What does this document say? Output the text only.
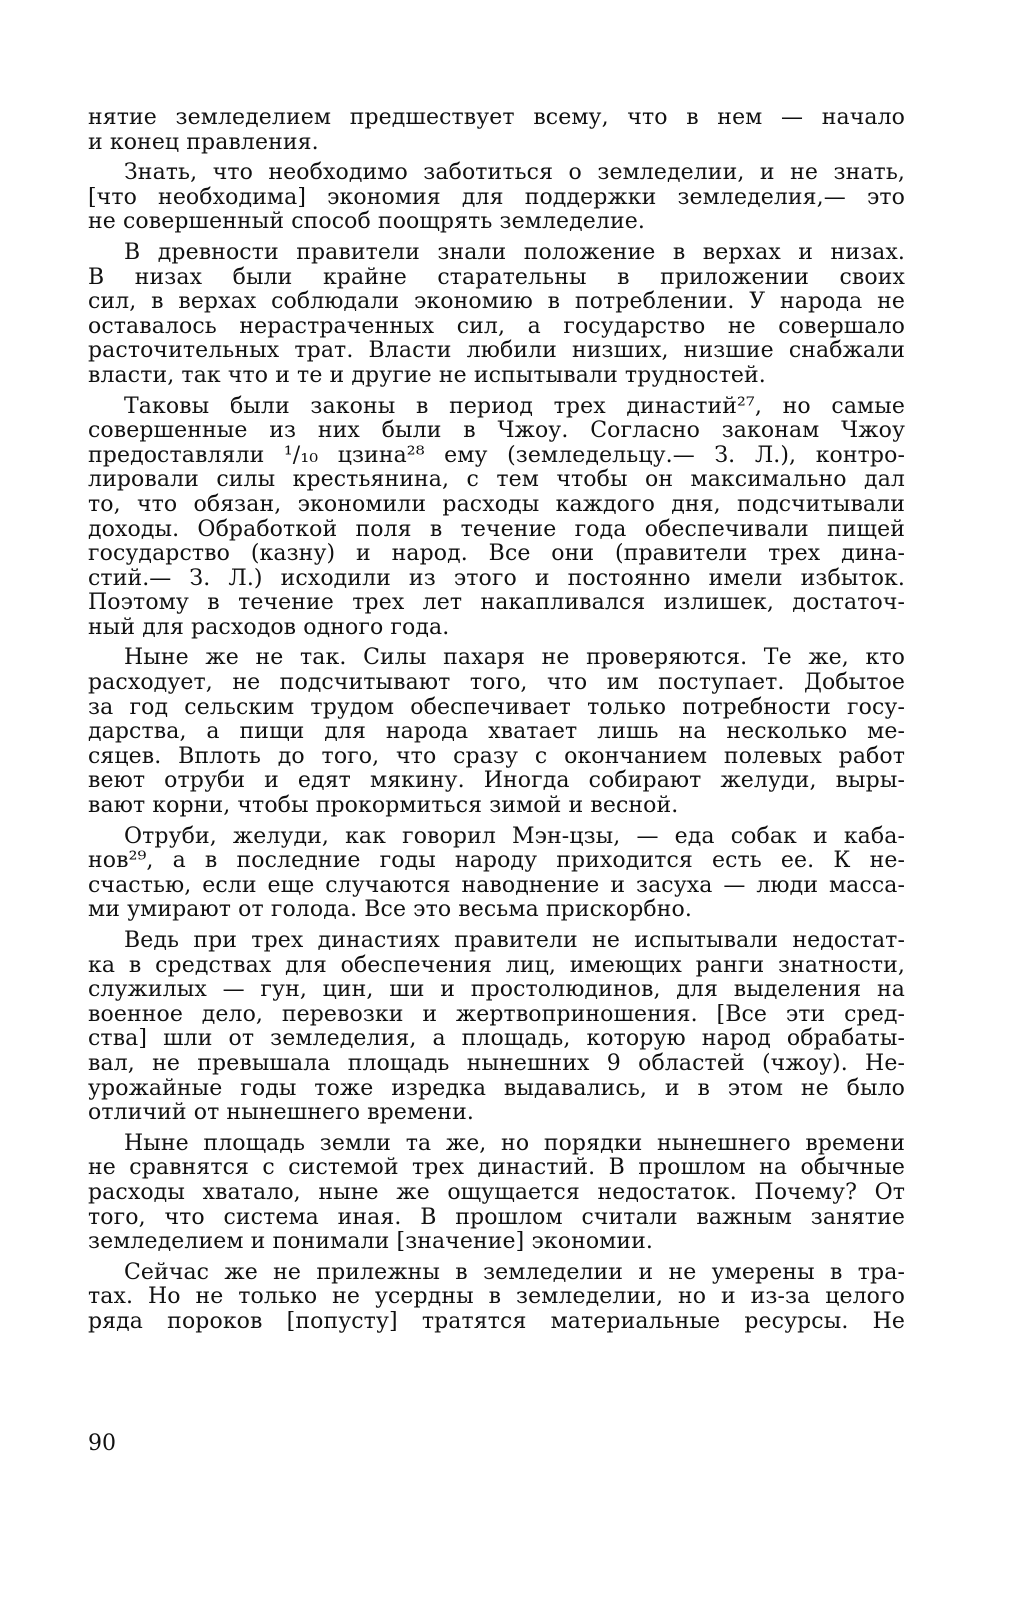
нятие земледелием предшествует всему, что в нем — начало
и конец правления.
Знать, что необходимо заботиться о земледелии, и не знать,
[что необходима] экономия для поддержки земледелия,— это
не совершенный способ поощрять земледелие.
В древности правители знали положение в верхах и низах.
В низах были крайне старательны в приложении своих
сил, в верхах соблюдали экономию в потреблении. У народа не
оставалось нерастраченных сил, а государство не совершало
расточительных трат. Власти любили низших, низшие снабжали
власти, так что и те и другие не испытывали трудностей.
Таковы были законы в период трех династий²⁷, но самые
совершенные из них были в Чжоу. Согласно законам Чжоу
предоставляли ¹/₁₀ цзина²⁸ ему (земледельцу.— З. Л.), контро-
лировали силы крестьянина, с тем чтобы он максимально дал
то, что обязан, экономили расходы каждого дня, подсчитывали
доходы. Обработкой поля в течение года обеспечивали пищей
государство (казну) и народ. Все они (правители трех дина-
стий.— З. Л.) исходили из этого и постоянно имели избыток.
Поэтому в течение трех лет накапливался излишек, достаточ-
ный для расходов одного года.
Ныне же не так. Силы пахаря не проверяются. Те же, кто
расходует, не подсчитывают того, что им поступает. Добытое
за год сельским трудом обеспечивает только потребности госу-
дарства, а пищи для народа хватает лишь на несколько ме-
сяцев. Вплоть до того, что сразу с окончанием полевых работ
веют отруби и едят мякину. Иногда собирают желуди, выры-
вают корни, чтобы прокормиться зимой и весной.
Отруби, желуди, как говорил Мэн-цзы, — еда собак и каба-
нов²⁹, а в последние годы народу приходится есть ее. К не-
счастью, если еще случаются наводнение и засуха — люди масса-
ми умирают от голода. Все это весьма прискорбно.
Ведь при трех династиях правители не испытывали недостат-
ка в средствах для обеспечения лиц, имеющих ранги знатности,
служилых — гун, цин, ши и простолюдинов, для выделения на
военное дело, перевозки и жертвоприношения. [Все эти сред-
ства] шли от земледелия, а площадь, которую народ обрабаты-
вал, не превышала площадь нынешних 9 областей (чжоу). Не-
урожайные годы тоже изредка выдавались, и в этом не было
отличий от нынешнего времени.
Ныне площадь земли та же, но порядки нынешнего времени
не сравнятся с системой трех династий. В прошлом на обычные
расходы хватало, ныне же ощущается недостаток. Почему? От
того, что система иная. В прошлом считали важным занятие
земледелием и понимали [значение] экономии.
Сейчас же не прилежны в земледелии и не умерены в тра-
тах. Но не только не усердны в земледелии, но и из-за целого
ряда пороков [попусту] тратятся материальные ресурсы. Не
90
